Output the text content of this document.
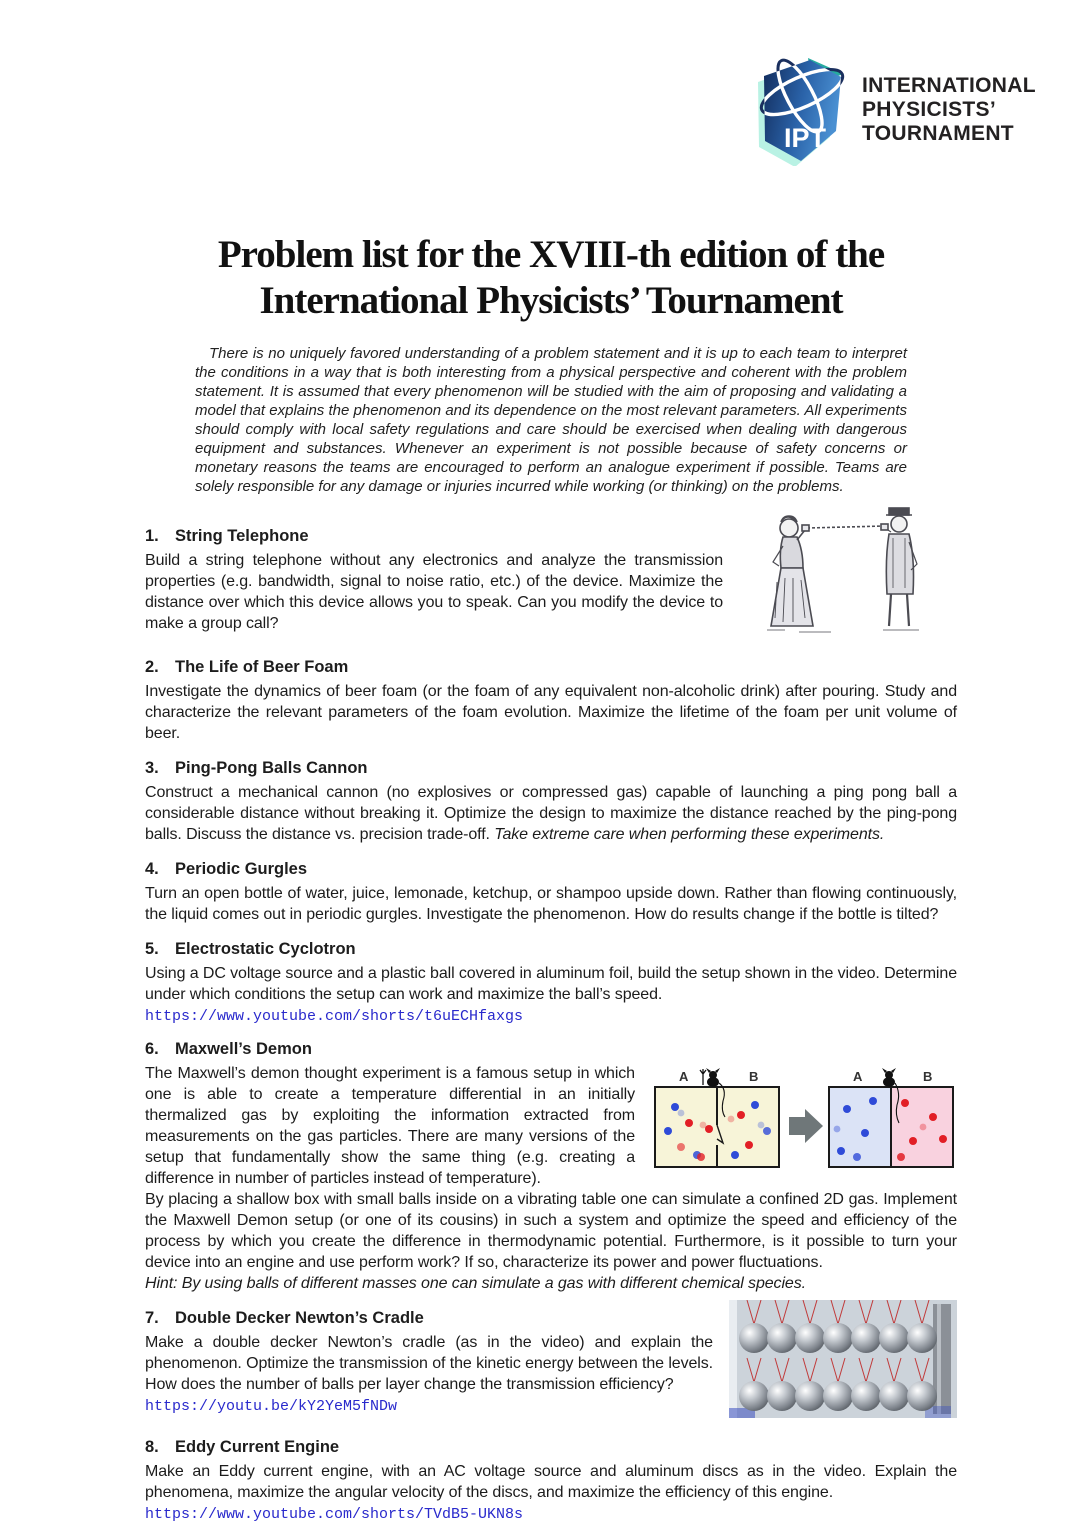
IPT
INTERNATIONAL
PHYSICISTS’
TOURNAMENT
Problem list for the XVIII-th edition of the
International Physicists’ Tournament

There is no uniquely favored understanding of a problem statement and it is up to each team to interpret the conditions in a way that is both interesting from a physical perspective and coherent with the problem statement. It is assumed that every phenomenon will be studied with the aim of proposing and validating a model that explains the phenomenon and its dependence on the most relevant parameters. All experiments should comply with local safety regulations and care should be exercised when dealing with dangerous equipment and substances. Whenever an experiment is not possible because of safety concerns or monetary reasons the teams are encouraged to perform an analogue experiment if possible. Teams are solely responsible for any damage or injuries incurred while working (or thinking) on the problems.

1. String Telephone

Build a string telephone without any electronics and analyze the transmission properties (e.g. bandwidth, signal to noise ratio, etc.) of the device. Maximize the distance over which this device allows you to speak. Can you modify the device to make a group call?

2. The Life of Beer Foam

Investigate the dynamics of beer foam (or the foam of any equivalent non-alcoholic drink) after pouring. Study and characterize the relevant parameters of the foam evolution. Maximize the lifetime of the foam per unit volume of beer.

3. Ping-Pong Balls Cannon

Construct a mechanical cannon (no explosives or compressed gas) capable of launching a ping pong ball a considerable distance without breaking it. Optimize the design to maximize the distance reached by the ping-pong balls. Discuss the distance vs. precision trade-off. Take extreme care when performing these experiments.

4. Periodic Gurgles

Turn an open bottle of water, juice, lemonade, ketchup, or shampoo upside down. Rather than flowing continuously, the liquid comes out in periodic gurgles. Investigate the phenomenon. How do results change if the bottle is tilted?

5. Electrostatic Cyclotron

Using a DC voltage source and a plastic ball covered in aluminum foil, build the setup shown in the video. Determine under which conditions the setup can work and maximize the ball’s speed.

https://www.youtube.com/shorts/t6uECHfaxgs
6. Maxwell’s Demon

The Maxwell’s demon thought experiment is a famous setup in which one is able to create a temperature differential in an initially thermalized gas by exploiting the information extracted from measurements on the gas particles. There are many versions of the setup that fundamentally show the same thing (e.g. creating a difference in number of particles instead of temperature).

A	B	A	B

By placing a shallow box with small balls inside on a vibrating table one can simulate a confined 2D gas. Implement the Maxwell Demon setup (or one of its cousins) in such a system and optimize the speed and efficiency of the process by which you create the difference in thermodynamic potential. Furthermore, is it possible to turn your device into an engine and use perform work? If so, characterize its power and power fluctuations.

Hint: By using balls of different masses one can simulate a gas with different chemical species.

7. Double Decker Newton’s Cradle

Make a double decker Newton’s cradle (as in the video) and explain the phenomenon. Optimize the transmission of the kinetic energy between the levels. How does the number of balls per layer change the transmission efficiency?

https://youtu.be/kY2YeM5fNDw
8. Eddy Current Engine

Make an Eddy current engine, with an AC voltage source and aluminum discs as in the video. Explain the phenomena, maximize the angular velocity of the discs, and maximize the efficiency of this engine.

https://www.youtube.com/shorts/TVdB5-UKN8s
